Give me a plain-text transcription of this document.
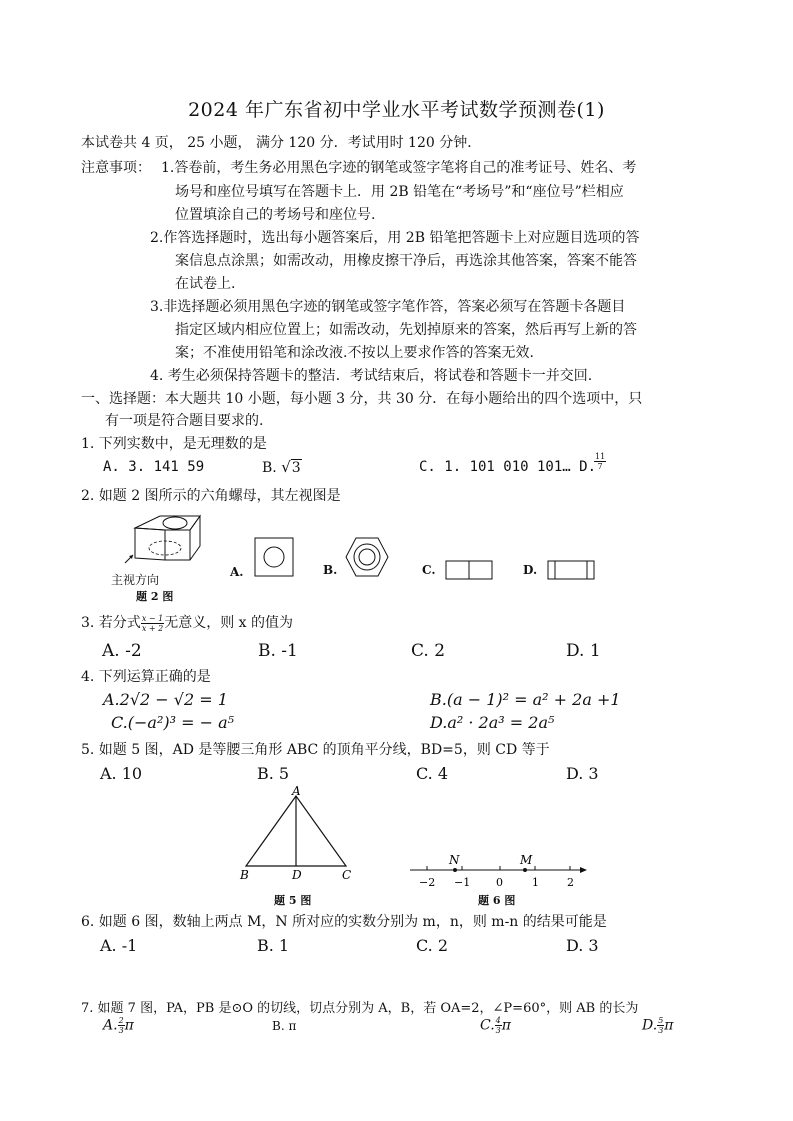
2024 年广东省初中学业水平考试数学预测卷(1)
本试卷共 4 页， 25 小题， 满分 120 分．考试用时 120 分钟．
注意事项： 1.答卷前，考生务必用黑色字迹的钢笔或签字笔将自己的准考证号、姓名、考
场号和座位号填写在答题卡上．用 2B 铅笔在“考场号”和“座位号”栏相应
位置填涂自己的考场号和座位号.
2.作答选择题时，选出每小题答案后，用 2B 铅笔把答题卡上对应题目选项的答
案信息点涂黑；如需改动，用橡皮擦干净后，再选涂其他答案，答案不能答
在试卷上.
3.非选择题必须用黑色字迹的钢笔或签字笔作答，答案必须写在答题卡各题目
指定区域内相应位置上；如需改动，先划掉原来的答案，然后再写上新的答
案；不准使用铅笔和涂改液.不按以上要求作答的答案无效.
4. 考生必须保持答题卡的整洁．考试结束后，将试卷和答题卡一并交回.
一、选择题：本大题共 10 小题，每小题 3 分，共 30 分．在每小题给出的四个选项中，只
有一项是符合题目要求的.
1. 下列实数中，是无理数的是
A. 3. 141 59	B. √3	C. 1. 101 010 101… D.
$\frac{11}{7}$
2. 如题 2 图所示的六角螺母，其左视图是
主视方向
题 2 图
A.	B.	C.	D.
3. 若分式 $\frac{x - 1}{x + 2}$ 无意义，则 x 的值为
A. -2	B. -1	C. 2	D. 1
4. 下列运算正确的是
A.2√2 − √2 = 1	B.(a − 1)² = a² + 2a +1
C.(−a²)³ = − a⁵	D.a² · 2a³ = 2a⁵
5. 如题 5 图，AD 是等腰三角形 ABC 的顶角平分线，BD=5，则 CD 等于
A. 10	B. 5	C. 4	D. 3
A
B	D	C
题 5 图
N	M
−2 −1 0	1	2
题 6 图
6. 如题 6 图，数轴上两点 M，N 所对应的实数分别为 m，n，则 m-n 的结果可能是
A. -1	B. 1	C. 2	D. 3
7. 如题 7 图，PA，PB 是⊙O 的切线，切点分别为 A，B，若 OA=2，∠P=60°，则 AB 的长为
A. $\frac{2}{3}$ π	B. π	C. $\frac{4}{3}$ π	D. $\frac{5}{3}$ π
